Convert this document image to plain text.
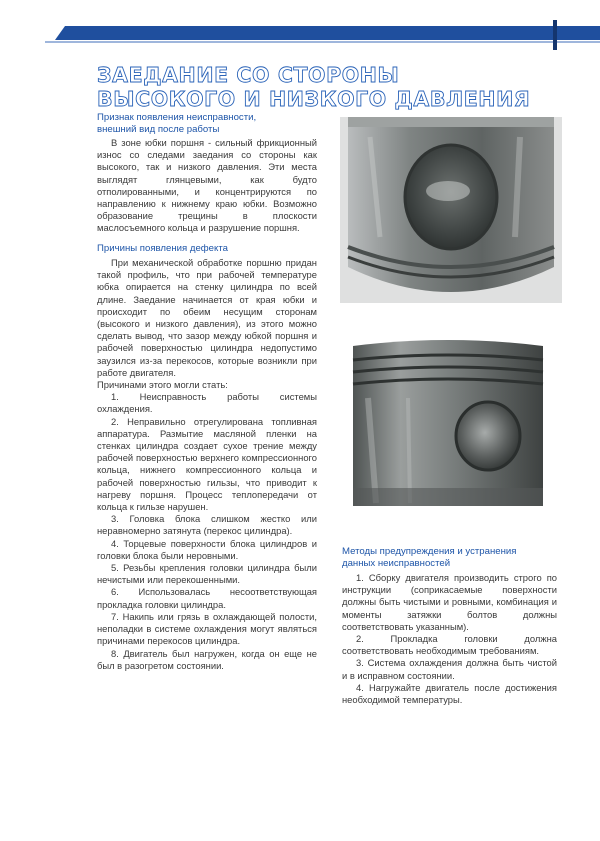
ЗАЕДАНИЕ СО СТОРОНЫ
ВЫСОКОГО И НИЗКОГО ДАВЛЕНИЯ
Признак появления неисправности,
внешний вид после работы

В зоне юбки поршня - сильный фрикционный износ со следами заедания со стороны как высокого, так и низкого давления. Эти места выглядят глянцевыми, как будто отполированными, и концентрируются по направлению к нижнему краю юбки. Возможно образование трещины в плоскости маслосъемного кольца и разрушение поршня.

Причины появления дефекта

При механической обработке поршню придан такой профиль, что при рабочей температуре юбка опирается на стенку цилиндра по всей длине. Заедание начинается от края юбки и происходит по обеим несущим сторонам (высокого и низкого давления), из этого можно сделать вывод, что зазор между юбкой поршня и рабочей поверхностью цилиндра недопустимо заузился из-за перекосов, которые возникли при работе двигателя.

Причинами этого могли стать:

1. Неисправность работы системы охлаждения.

2. Неправильно отрегулирована топливная аппаратура. Размытие масляной пленки на стенках цилиндра создает сухое трение между рабочей поверхностью верхнего компрессионного кольца, нижнего компрессионного кольца и рабочей поверхностью гильзы, что приводит к нагреву поршня. Процесс теплопередачи от кольца к гильзе нарушен.

3. Головка блока слишком жестко или неравномерно затянута (перекос цилиндра).

4. Торцевые поверхности блока цилиндров и головки блока были неровными.

5. Резьбы крепления головки цилиндра были нечистыми или перекошенными.

6. Использовалась несоответствующая прокладка головки цилиндра.

7. Накипь или грязь в охлаждающей полости, неполадки в системе охлаждения могут являться причинами перекосов цилиндра.

8. Двигатель был нагружен, когда он еще не был в разогретом состоянии.

Методы предупреждения и устранения
данных неисправностей

1. Сборку двигателя производить строго по инструкции (соприкасаемые поверхности должны быть чистыми и ровными, комбинация и моменты затяжки болтов должны соответствовать указанным).

2. Прокладка головки должна соответствовать необходимым требованиям.

3. Система охлаждения должна быть чистой и в исправном состоянии.

4. Нагружайте двигатель после достижения необходимой температуры.
